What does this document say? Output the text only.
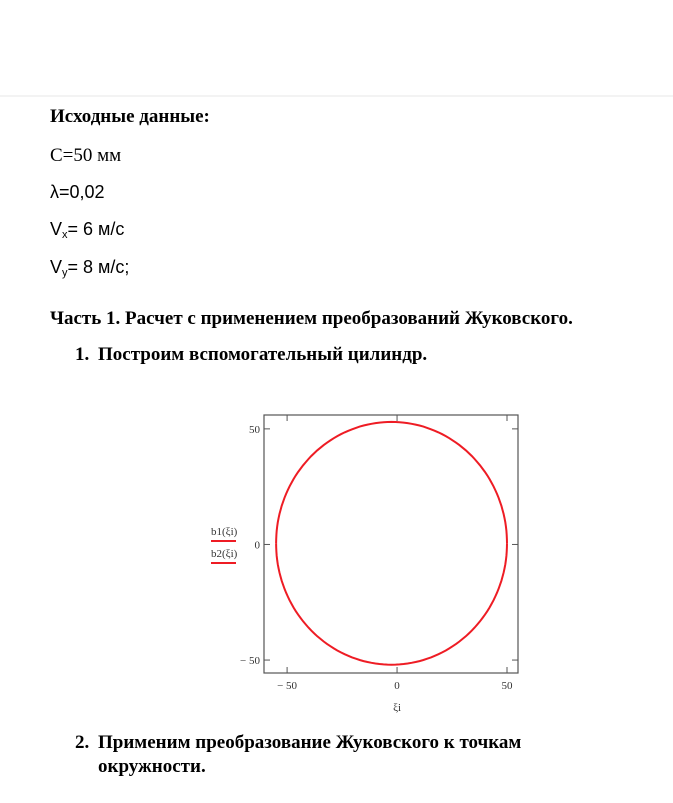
Исходные данные:
C=50 мм
λ=0,02
$V_x= 6$ м/с
$V_y= 8$ м/с;
Часть 1. Расчет с применением преобразований Жуковского.
1. Построим вспомогательный цилиндр.
− 50	0	50
− 50
0
50
b1(ξi)
b2(ξi)
ξi
2. Применим преобразование Жуковского к точкам
окружности.
